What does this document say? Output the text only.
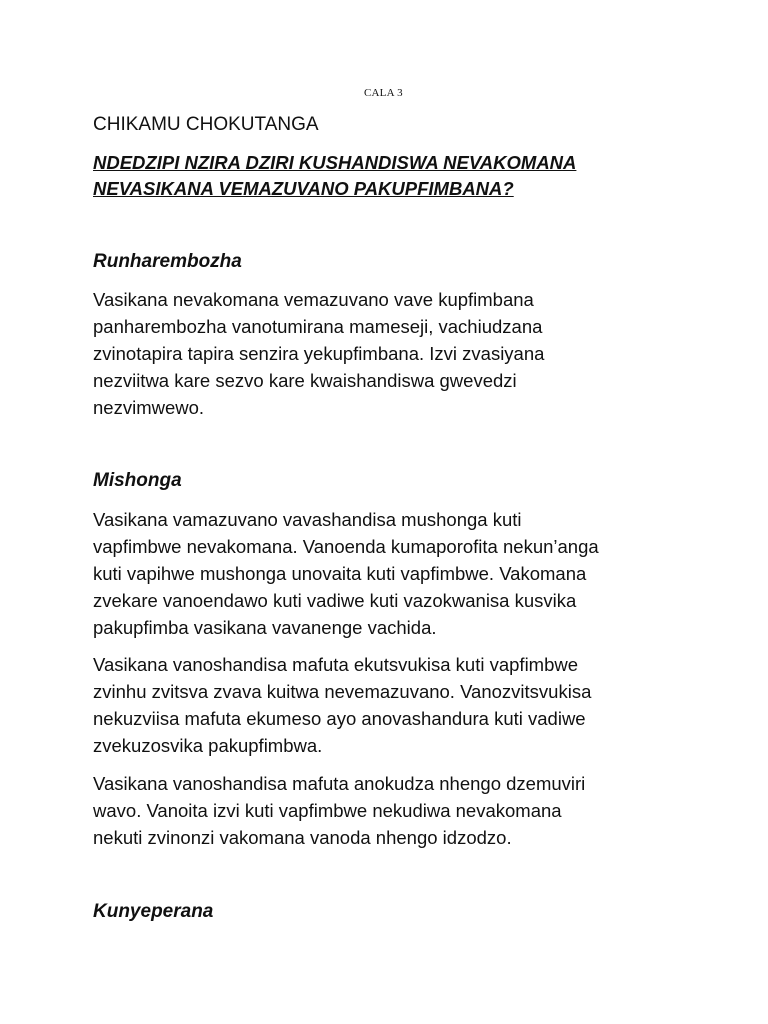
CALA 3
CHIKAMU CHOKUTANGA
NDEDZIPI NZIRA DZIRI KUSHANDISWA NEVAKOMANA
NEVASIKANA VEMAZUVANO PAKUPFIMBANA?
Runharembozha

Vasikana nevakomana vemazuvano vave kupfimbana
panharembozha vanotumirana mameseji, vachiudzana
zvinotapira tapira senzira yekupfimbana. Izvi zvasiyana
nezviitwa kare sezvo kare kwaishandiswa gwevedzi
nezvimwewo.

Mishonga

Vasikana vamazuvano vavashandisa mushonga kuti
vapfimbwe nevakomana. Vanoenda kumaporofita nekun’anga
kuti vapihwe mushonga unovaita kuti vapfimbwe. Vakomana
zvekare vanoendawo kuti vadiwe kuti vazokwanisa kusvika
pakupfimba vasikana vavanenge vachida.

Vasikana vanoshandisa mafuta ekutsvukisa kuti vapfimbwe
zvinhu zvitsva zvava kuitwa nevemazuvano. Vanozvitsvukisa
nekuzviisa mafuta ekumeso ayo anovashandura kuti vadiwe
zvekuzosvika pakupfimbwa.

Vasikana vanoshandisa mafuta anokudza nhengo dzemuviri
wavo. Vanoita izvi kuti vapfimbwe nekudiwa nevakomana
nekuti zvinonzi vakomana vanoda nhengo idzodzo.

Kunyeperana
